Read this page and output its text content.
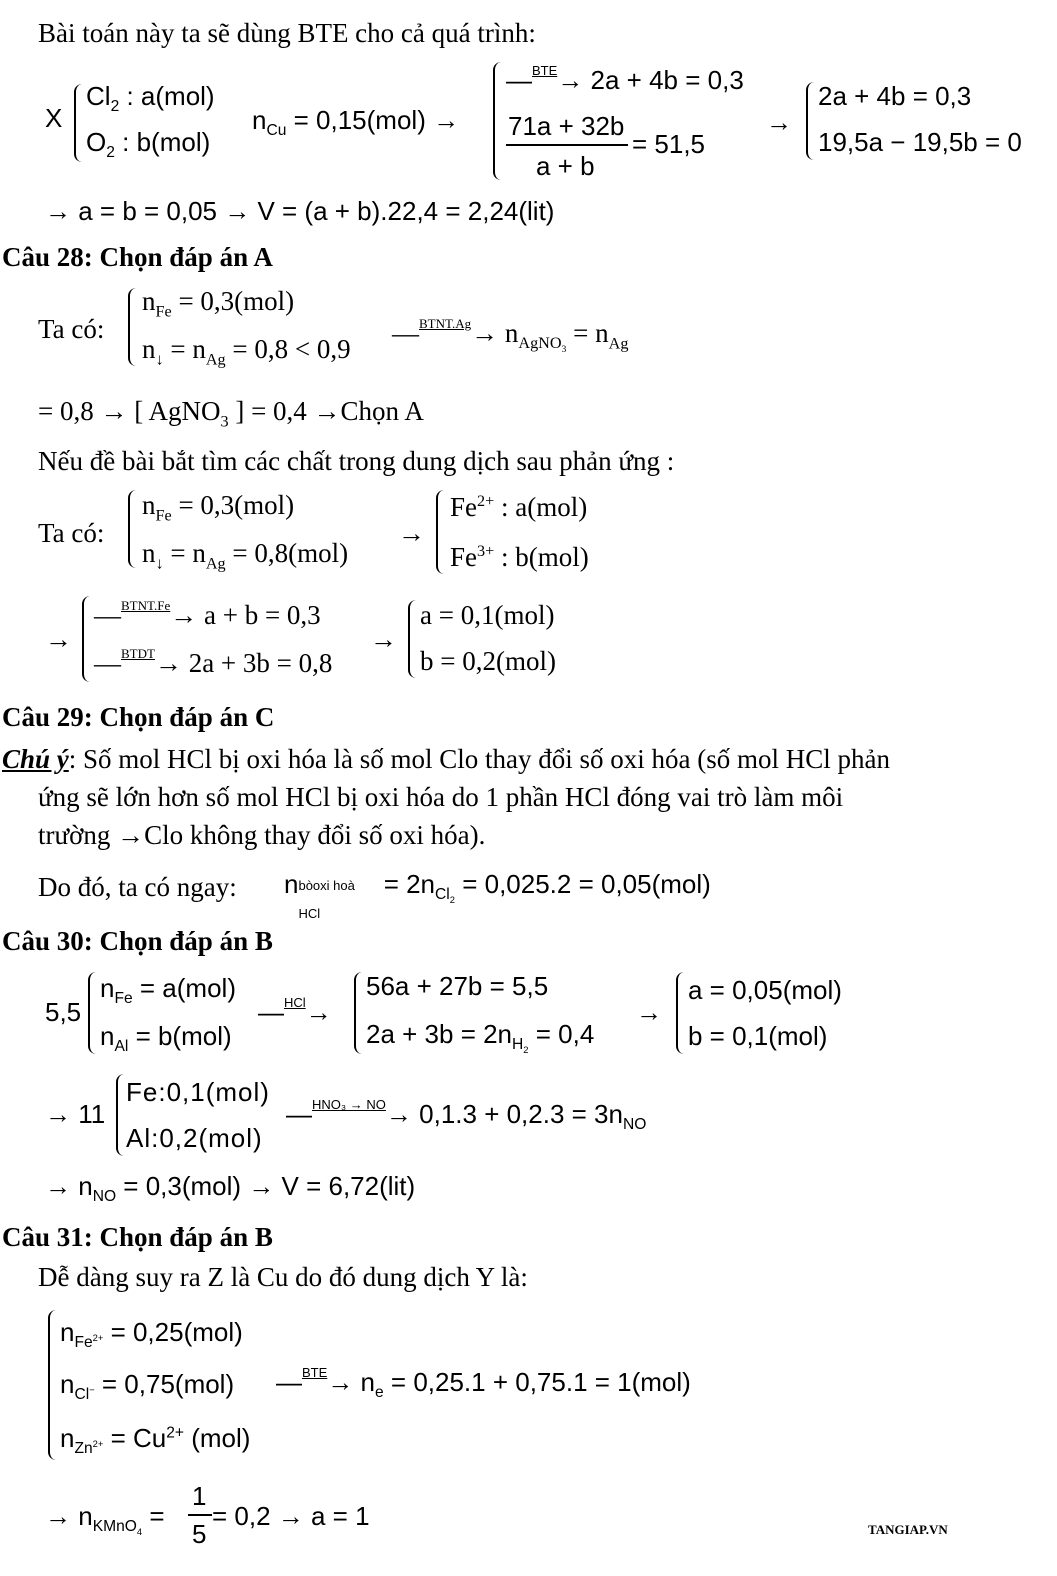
Bài toán này ta sẽ dùng BTE cho cả quá trình:
X
$Cl_2$ : a(mol)
$O_2$ : b(mol)
$n_{Cu} = 0,15(mol)$ →
—$^{BTE}$→ 2a + 4b = 0,3
71a + 32b
a + b
= 51,5
→
2a + 4b = 0,3
19,5a − 19,5b = 0
→ a = b = 0,05 → V = (a + b).22,4 = 2,24(lit)
Câu 28: Chọn đáp án A
Ta có:
$n_{Fe} = 0,3(mol)$
$n_↓ = n_{Ag} = 0,8 < 0,9$
—$^{BTNT.Ag}$→ $n_{AgNO_3} = n_{Ag}$
= 0,8 → [ AgNO$_3$ ] = 0,4 →Chọn A
Nếu đề bài bắt tìm các chất trong dung dịch sau phản ứng :
Ta có:
$n_{Fe} = 0,3(mol)$
$n_↓ = n_{Ag} = 0,8(mol)$
→
$Fe^{2+}$ : a(mol)
$Fe^{3+}$ : b(mol)
→
—$^{BTNT.Fe}$→ a + b = 0,3
—$^{BTDT}$→ 2a + 3b = 0,8
→
a = 0,1(mol)
b = 0,2(mol)
Câu 29: Chọn đáp án C
Chú ý: Số mol HCl bị oxi hóa là số mol Clo thay đổi số oxi hóa (số mol HCl phản
ứng sẽ lớn hơn số mol HCl bị oxi hóa do 1 phần HCl đóng vai trò làm môi
trường →Clo không thay đổi số oxi hóa).
Do đó, ta có ngay: n bòoxi hoà
HCl
= $2n_{Cl_2} = 0,025.2 = 0,05(mol)$
Câu 30: Chọn đáp án B
5,5
$n_{Fe} = a(mol)$
$n_{Al} = b(mol)$
—$^{HCl}$→
56a + 27b = 5,5
$2a + 3b = 2n_{H_2} = 0,4$
→
a = 0,05(mol)
b = 0,1(mol)
→ 11
Fe:0,1(mol)
Al:0,2(mol)
—$^{HNO_3 \to NO}$→ $0,1.3 + 0,2.3 = 3n_{NO}$
→ $n_{NO} = 0,3(mol) \to V = 6,72(lit)$
Câu 31: Chọn đáp án B
Dễ dàng suy ra Z là Cu do đó dung dịch Y là:
$n_{Fe^{2+}} = 0,25(mol)$
$n_{Cl^-} = 0,75(mol)$ —$^{BTE}$→ $n_e = 0,25.1 + 0,75.1 = 1(mol)$
$n_{Zn^{2+}} = Cu^{2+}$ (mol)
→ $n_{KMnO_4}$ =
1
5
= 0,2 → a = 1	TANGIAP.VN
